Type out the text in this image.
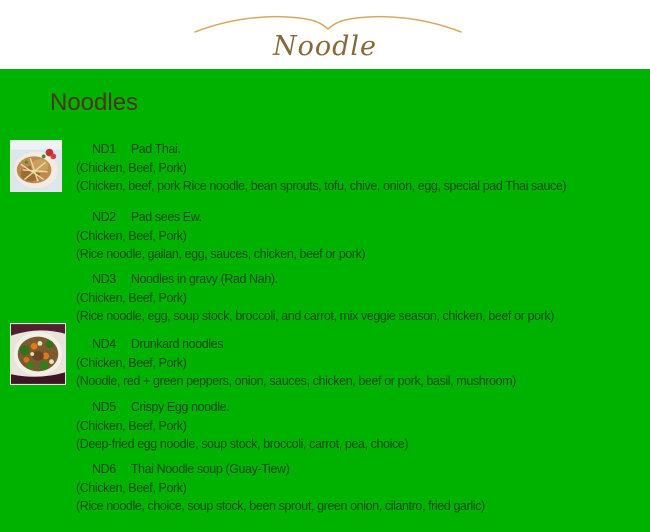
Noodle
Noodles
ND1 Pad Thai.
(Chicken, Beef, Pork)
(Chicken, beef, pork Rice noodle, bean sprouts, tofu, chive, onion, egg, special pad Thai sauce)
ND2 Pad sees Ew.
(Chicken, Beef, Pork)
(Rice noodle, gailan, egg, sauces, chicken, beef or pork)
ND3 Noodles in gravy (Rad Nah).
(Chicken, Beef, Pork)
(Rice noodle, egg, soup stock, broccoli, and carrot, mix veggie season, chicken, beef or pork)
ND4 Drunkard noodles
(Chicken, Beef, Pork)
(Noodle, red + green peppers, onion, sauces, chicken, beef or pork, basil, mushroom)
ND5 Crispy Egg noodle.
(Chicken, Beef, Pork)
(Deep-fried egg noodle, soup stock, broccoli, carrot, pea, choice)
ND6 Thai Noodle soup (Guay-Tiew)
(Chicken, Beef, Pork)
(Rice noodle, choice, soup stock, been sprout, green onion, cilantro, fried garlic)
